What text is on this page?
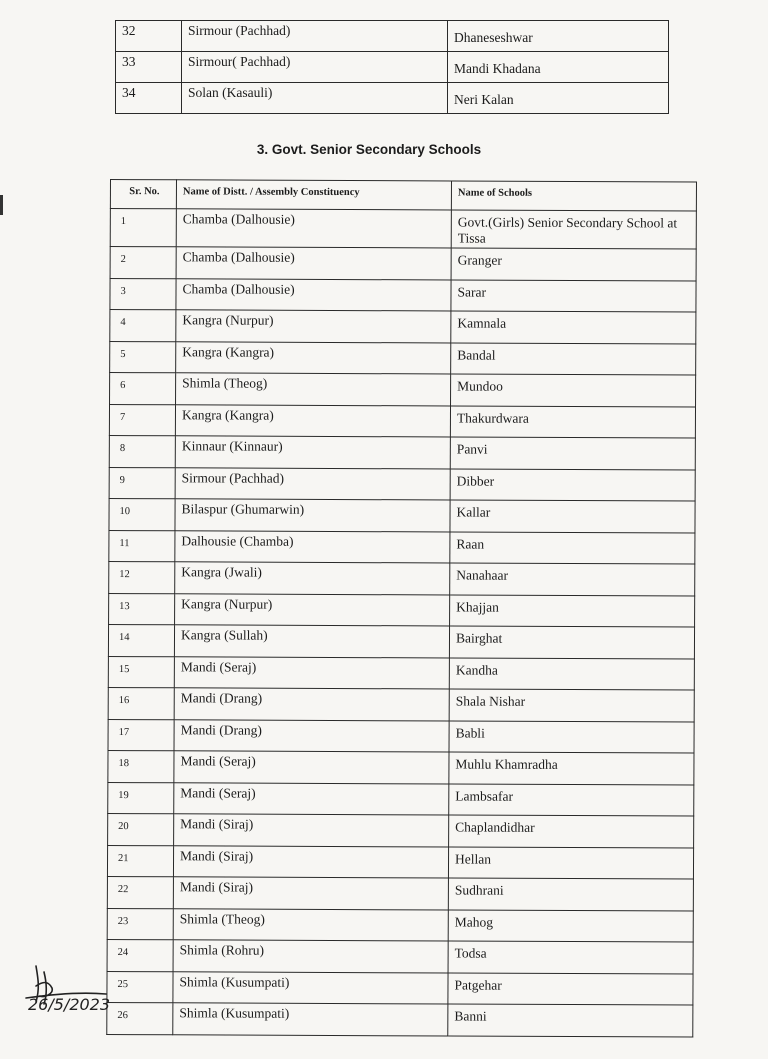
32	Sirmour (Pachhad)	Dhaneseshwar
33	Sirmour( Pachhad)	Mandi Khadana
34	Solan (Kasauli)	Neri Kalan
3. Govt. Senior Secondary Schools
Sr. No.	Name of Distt. / Assembly Constituency	Name of Schools
1	Chamba (Dalhousie)	Govt.(Girls) Senior Secondary School at Tissa
2	Chamba (Dalhousie)	Granger
3	Chamba (Dalhousie)	Sarar
4	Kangra (Nurpur)	Kamnala
5	Kangra (Kangra)	Bandal
6	Shimla (Theog)	Mundoo
7	Kangra (Kangra)	Thakurdwara
8	Kinnaur (Kinnaur)	Panvi
9	Sirmour (Pachhad)	Dibber
10	Bilaspur (Ghumarwin)	Kallar
11	Dalhousie (Chamba)	Raan
12	Kangra (Jwali)	Nanahaar
13	Kangra (Nurpur)	Khajjan
14	Kangra (Sullah)	Bairghat
15	Mandi (Seraj)	Kandha
16	Mandi (Drang)	Shala Nishar
17	Mandi (Drang)	Babli
18	Mandi (Seraj)	Muhlu Khamradha
19	Mandi (Seraj)	Lambsafar
20	Mandi (Siraj)	Chaplandidhar
21	Mandi (Siraj)	Hellan
22	Mandi (Siraj)	Sudhrani
23	Shimla (Theog)	Mahog
24	Shimla (Rohru)	Todsa
25	Shimla (Kusumpati)	Patgehar
26	Shimla (Kusumpati)	Banni
26/5/2023
